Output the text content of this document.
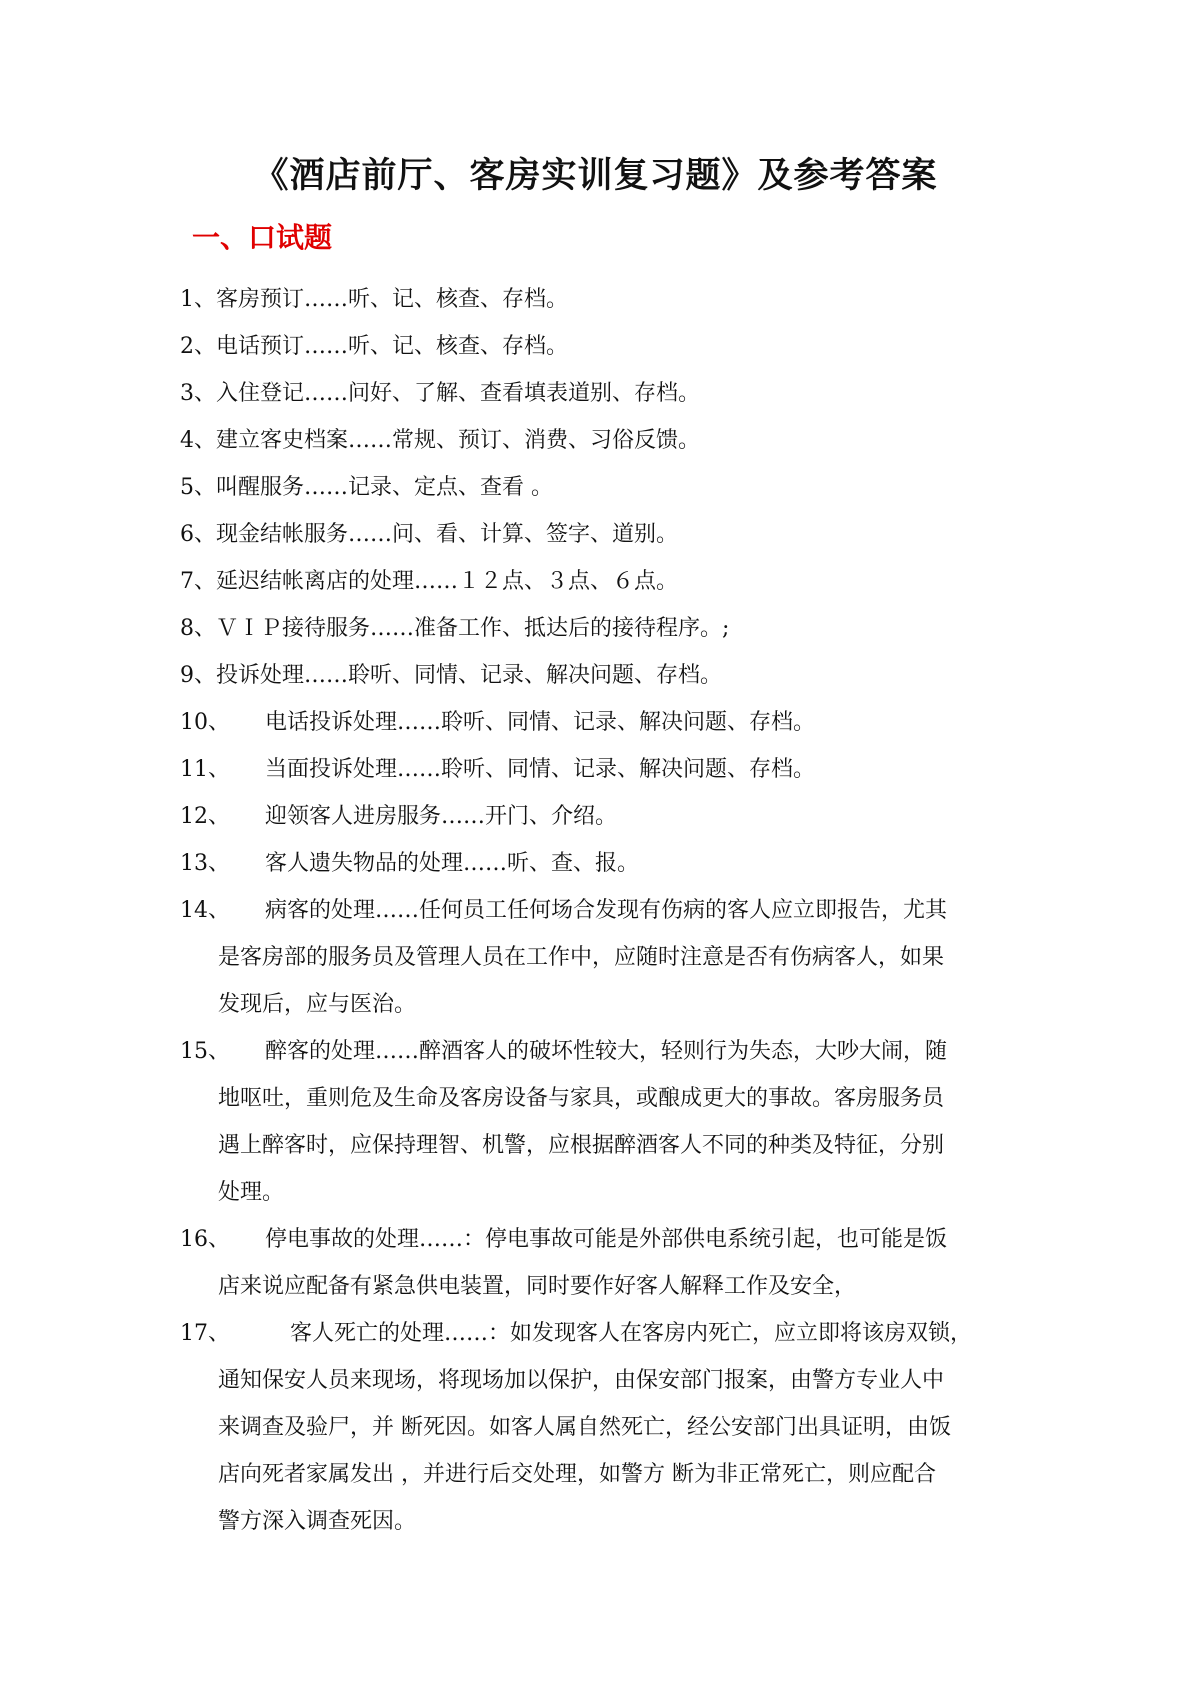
《酒店前厅、客房实训复习题》及参考答案
一、口试题
1、客房预订……听、记、核查、存档。
2、电话预订……听、记、核查、存档。
3、入住登记……问好、了解、查看填表道别、存档。
4、建立客史档案……常规、预订、消费、习俗反馈。
5、叫醒服务……记录、定点、查看 。
6、现金结帐服务……问、看、计算、签字、道别。
7、延迟结帐离店的处理……１２点、３点、６点。
8、ＶＩＰ接待服务……准备工作、抵达后的接待程序。;
9、投诉处理……聆听、同情、记录、解决问题、存档。
10、 电话投诉处理……聆听、同情、记录、解决问题、存档。
11、 当面投诉处理……聆听、同情、记录、解决问题、存档。
12、 迎领客人进房服务……开门、介绍。
13、 客人遗失物品的处理……听、查、报。
14、 病客的处理……任何员工任何场合发现有伤病的客人应立即报告，尤其
是客房部的服务员及管理人员在工作中，应随时注意是否有伤病客人，如果
发现后，应与医治。
15、 醉客的处理……醉酒客人的破坏性较大，轻则行为失态，大吵大闹，随
地呕吐，重则危及生命及客房设备与家具，或酿成更大的事故。客房服务员
遇上醉客时，应保持理智、机警，应根据醉酒客人不同的种类及特征，分别
处理。
16、 停电事故的处理……：停电事故可能是外部供电系统引起，也可能是饭
店来说应配备有紧急供电装置，同时要作好客人解释工作及安全，
17、	客人死亡的处理……：如发现客人在客房内死亡，应立即将该房双锁，
通知保安人员来现场，将现场加以保护，由保安部门报案，由警方专业人中
来调查及验尸，并 断死因。如客人属自然死亡，经公安部门出具证明，由饭
店向死者家属发出 ，并进行后交处理，如警方 断为非正常死亡，则应配合
警方深入调查死因。
